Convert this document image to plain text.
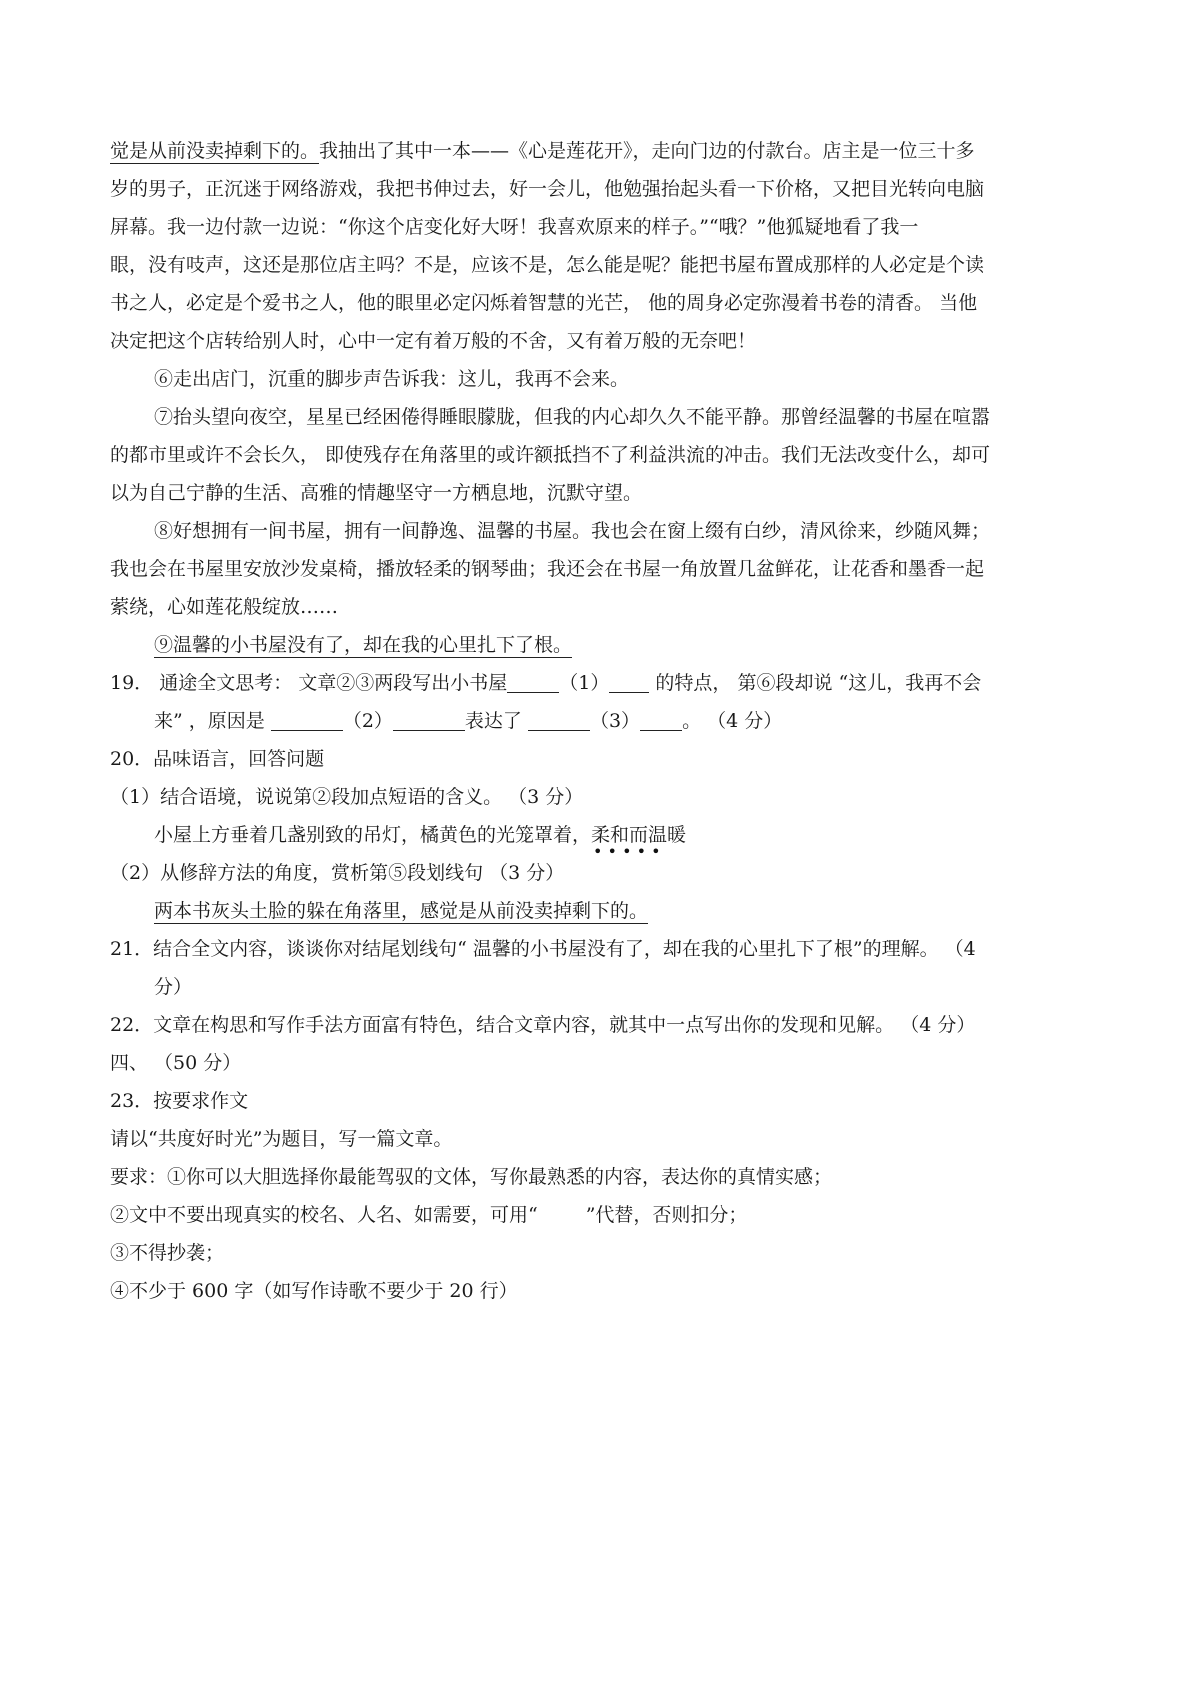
觉是从前没卖掉剩下的。我抽出了其中一本——《心是莲花开》，走向门边的付款台。店主是一位三十多

岁的男子，正沉迷于网络游戏，我把书伸过去，好一会儿，他勉强抬起头看一下价格，又把目光转向电脑

屏幕。我一边付款一边说：“你这个店变化好大呀！我喜欢原来的样子。”“哦？”他狐疑地看了我一

眼，没有吱声，这还是那位店主吗？不是，应该不是，怎么能是呢？能把书屋布置成那样的人必定是个读

书之人，必定是个爱书之人，他的眼里必定闪烁着智慧的光芒， 他的周身必定弥漫着书卷的清香。 当他

决定把这个店转给别人时，心中一定有着万般的不舍，又有着万般的无奈吧！

⑥走出店门，沉重的脚步声告诉我：这儿，我再不会来。

⑦抬头望向夜空，星星已经困倦得睡眼朦胧，但我的内心却久久不能平静。那曾经温馨的书屋在喧嚣

的都市里或许不会长久， 即使残存在角落里的或许额抵挡不了利益洪流的冲击。我们无法改变什么，却可

以为自己宁静的生活、高雅的情趣坚守一方栖息地，沉默守望。

⑧好想拥有一间书屋，拥有一间静逸、温馨的书屋。我也会在窗上缀有白纱，清风徐来，纱随风舞；

我也会在书屋里安放沙发桌椅，播放轻柔的钢琴曲；我还会在书屋一角放置几盆鲜花，让花香和墨香一起

萦绕，心如莲花般绽放……

⑨温馨的小书屋没有了，却在我的心里扎下了根。

19． 通途全文思考： 文章②③两段写出小书屋	（1） 的特点， 第⑥段却说 “这儿，我再不会

来” ，原因是	（2）	表达了	（3） 。 （4 分）

20．品味语言，回答问题

（1）结合语境，说说第②段加点短语的含义。 （3 分）

小屋上方垂着几盏别致的吊灯，橘黄色的光笼罩着，柔和而温暖
• • • • •

（2）从修辞方法的角度，赏析第⑤段划线句 （3 分）

两本书灰头土脸的躲在角落里，感觉是从前没卖掉剩下的。

21．结合全文内容，谈谈你对结尾划线句“ 温馨的小书屋没有了，却在我的心里扎下了根”的理解。 （4

分）

22．文章在构思和写作手法方面富有特色，结合文章内容，就其中一点写出你的发现和见解。 （4 分）

四、 （50 分）

23．按要求作文

请以“共度好时光”为题目，写一篇文章。

要求：①你可以大胆选择你最能驾驭的文体，写你最熟悉的内容，表达你的真情实感；

②文中不要出现真实的校名、人名、如需要，可用“	”代替，否则扣分；

③不得抄袭；

④不少于 600 字（如写作诗歌不要少于 20 行）
